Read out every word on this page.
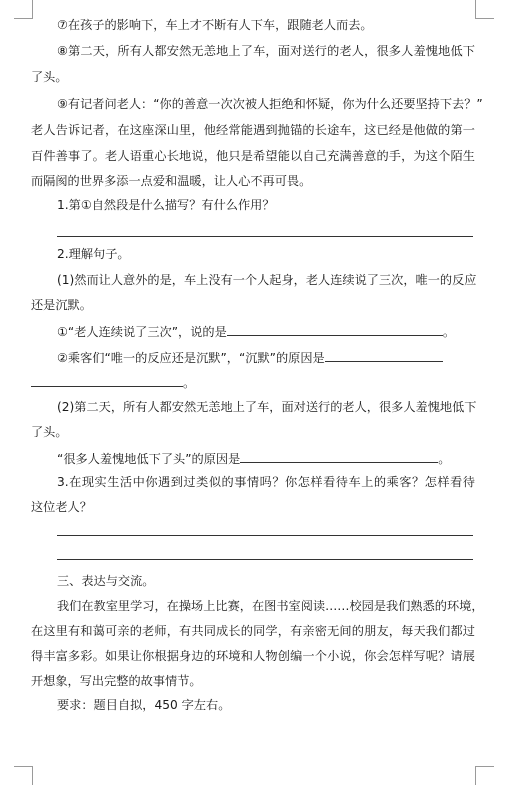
⑦在孩子的影响下，车上才不断有人下车，跟随老人而去。
⑧第二天，所有人都安然无恙地上了车，面对送行的老人，很多人羞愧地低下
了头。
⑨有记者问老人：“你的善意一次次被人拒绝和怀疑，你为什么还要坚持下去？”
老人告诉记者，在这座深山里，他经常能遇到抛锚的长途车，这已经是他做的第一
百件善事了。老人语重心长地说，他只是希望能以自己充满善意的手，为这个陌生
而隔阂的世界多添一点爱和温暖，让人心不再可畏。
1.第①自然段是什么描写？有什么作用？
2.理解句子。
(1)然而让人意外的是，车上没有一个人起身，老人连续说了三次，唯一的反应
还是沉默。
①“老人连续说了三次”，说的是	。
②乘客们“唯一的反应还是沉默”，“沉默”的原因是
。
(2)第二天，所有人都安然无恙地上了车，面对送行的老人，很多人羞愧地低下
了头。
“很多人羞愧地低下了头”的原因是	。
3.在现实生活中你遇到过类似的事情吗？你怎样看待车上的乘客？怎样看待
这位老人？
三、表达与交流。
我们在教室里学习，在操场上比赛，在图书室阅读……校园是我们熟悉的环境，
在这里有和蔼可亲的老师，有共同成长的同学，有亲密无间的朋友，每天我们都过
得丰富多彩。如果让你根据身边的环境和人物创编一个小说，你会怎样写呢？请展
开想象，写出完整的故事情节。
要求：题目自拟，450 字左右。
